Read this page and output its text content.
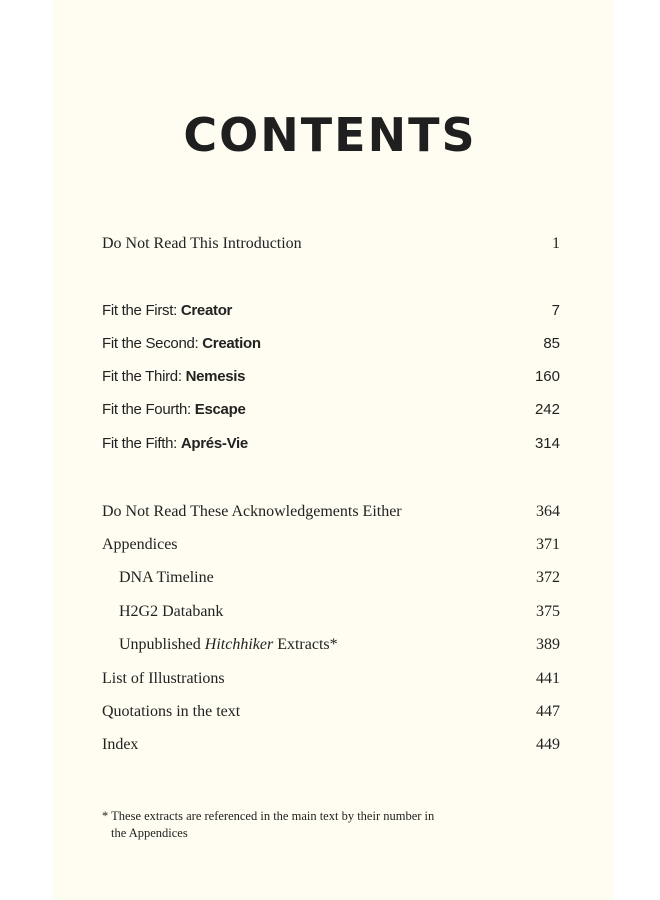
CONTENTS
Do Not Read This Introduction	1
Fit the First: Creator	7
Fit the Second: Creation	85
Fit the Third: Nemesis	160
Fit the Fourth: Escape	242
Fit the Fifth: Aprés-Vie	314
Do Not Read These Acknowledgements Either	364
Appendices	371
DNA Timeline	372
H2G2 Databank	375
Unpublished Hitchhiker Extracts*	389
List of Illustrations	441
Quotations in the text	447
Index	449
* These extracts are referenced in the main text by their number in
the Appendices
